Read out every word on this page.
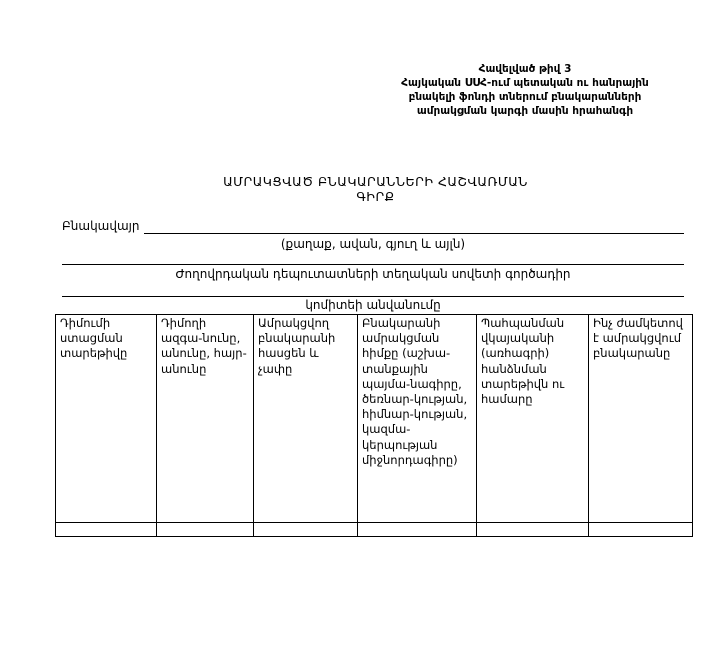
Հավելված թիվ 3
Հայկական ՍՍՀ-ում պետական ու հանրային
բնակելի ֆոնդի տներում բնակարանների
ամրակցման կարգի մասին հրահանգի
ԱՄՐԱԿՑՎԱԾ ԲՆԱԿԱՐԱՆՆԵՐԻ ՀԱՇՎԱՌՄԱՆ
ԳԻՐՔ
Բնակավայր
(քաղաք, ավան, գյուղ և այլն)
Ժողովրդական դեպուտատների տեղական սովետի գործադիր
կոմիտեի անվանումը
Դիմումի ստացման տարեթիվը	Դիմողի ազգա-նունը, անունը, հայր-անունը	Ամրակցվող բնակարանի հասցեն և չափը	Բնակարանի ամրակցման հիմքը (աշխա-տանքային պայմա-նագիրը, ծեռնար-կության, հիմնար-կության, կազմա-կերպության միջնորդագիրը)	Պահպանման վկայականի (առհագրի) հանձնման տարեթիվն ու համարը	Ինչ ժամկետով է ամրակցվում բնակարանը
